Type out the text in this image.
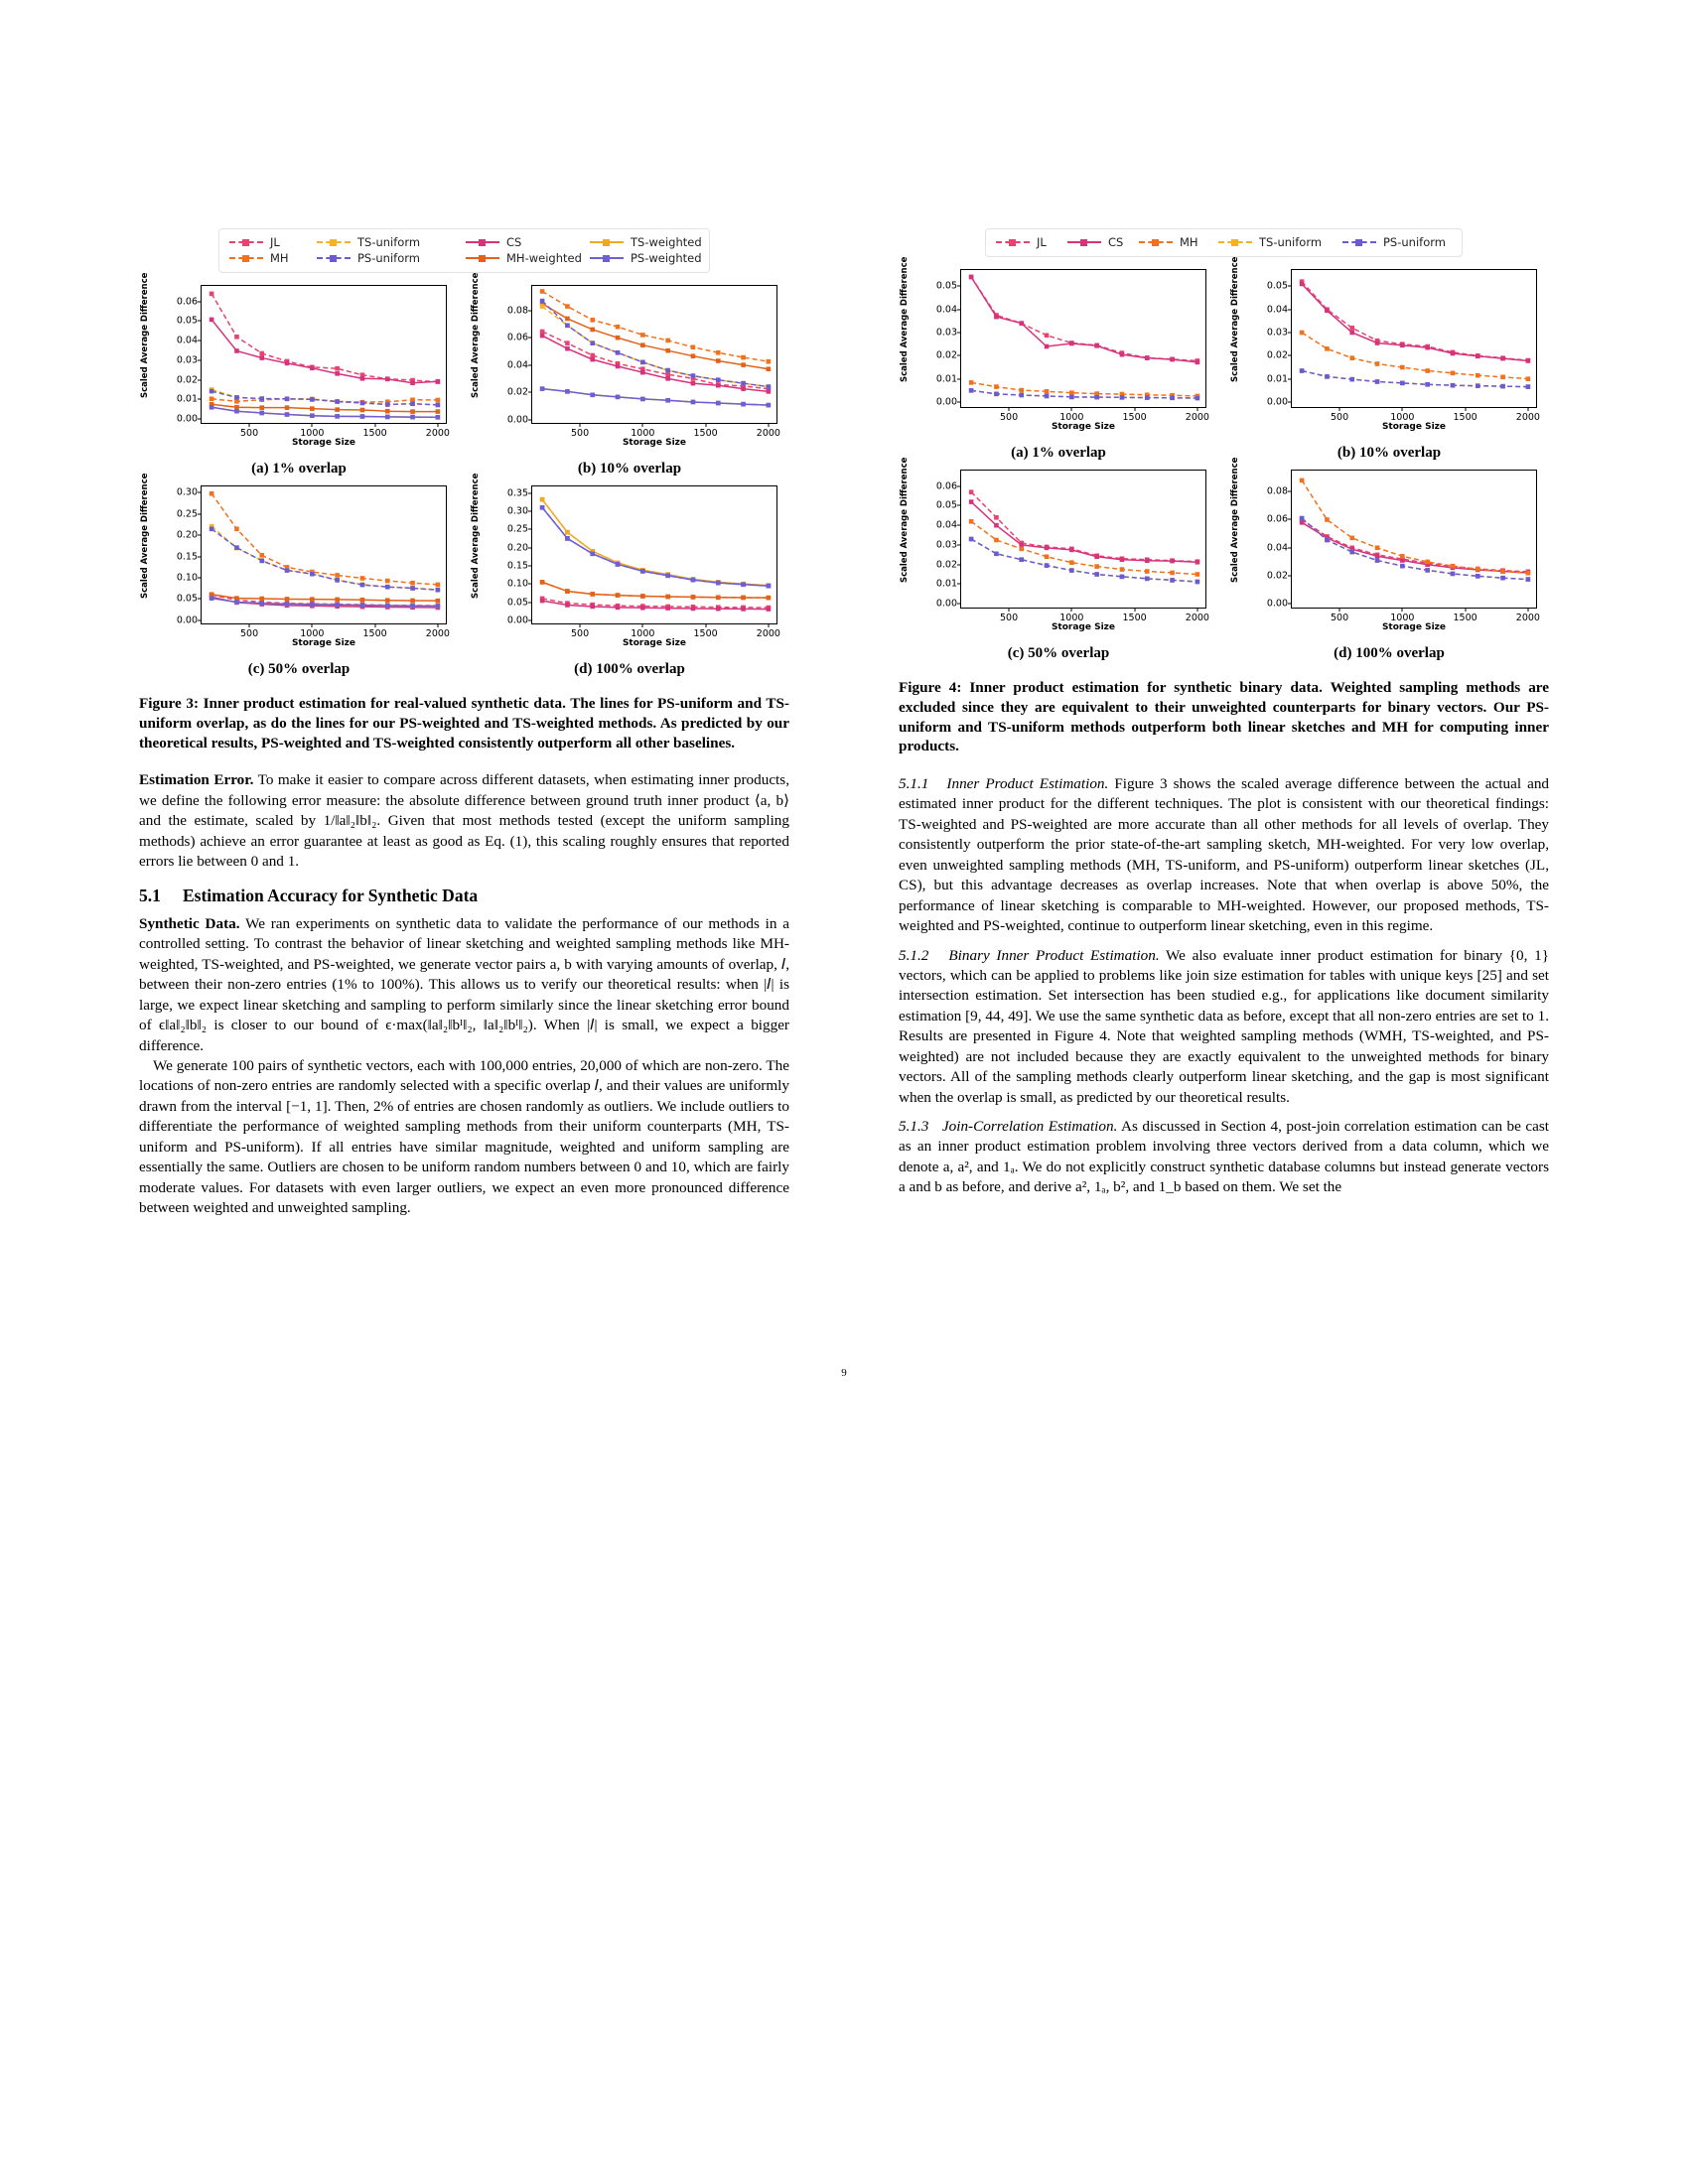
JL	TS-uniform	CS	TS-weighted
MH	PS-uniform	MH-weighted	PS-weighted
Scaled Average Difference
0.00
0.01
0.02
0.03
0.04
0.05
0.06
500	1000	1500	2000
Storage Size
(a) 1% overlap
Scaled Average Difference
0.00
0.02
0.04
0.06
0.08
500	1000	1500	2000
Storage Size
(b) 10% overlap
Scaled Average Difference
0.00
0.05
0.10
0.15
0.20
0.25
0.30
500	1000	1500	2000
Storage Size
(c) 50% overlap
Scaled Average Difference
0.00
0.05
0.10
0.15
0.20
0.25
0.30
0.35
500	1000	1500	2000
Storage Size
(d) 100% overlap
Figure 3: Inner product estimation for real-valued synthetic data. The lines for PS-uniform and TS-uniform overlap, as do the lines for our PS-weighted and TS-weighted methods. As predicted by our theoretical results, PS-weighted and TS-weighted consistently outperform all other baselines.

Estimation Error. To make it easier to compare across different datasets, when estimating inner products, we define the following error measure: the absolute difference between ground truth inner product ⟨a, b⟩ and the estimate, scaled by 1/‖a‖₂‖b‖₂. Given that most methods tested (except the uniform sampling methods) achieve an error guarantee at least as good as Eq. (1), this scaling roughly ensures that reported errors lie between 0 and 1.

5.1 Estimation Accuracy for Synthetic Data

Synthetic Data. We ran experiments on synthetic data to validate the performance of our methods in a controlled setting. To contrast the behavior of linear sketching and weighted sampling methods like MH-weighted, TS-weighted, and PS-weighted, we generate vector pairs a, b with varying amounts of overlap, 𝐼, between their non-zero entries (1% to 100%). This allows us to verify our theoretical results: when |𝐼| is large, we expect linear sketching and sampling to perform similarly since the linear sketching error bound of ϵ‖a‖₂‖b‖₂ is closer to our bound of ϵ·max(‖a‖₂‖bᴵ‖₂, ‖a‖₂‖bᴵ‖₂). When |𝐼| is small, we expect a bigger difference.

We generate 100 pairs of synthetic vectors, each with 100,000 entries, 20,000 of which are non-zero. The locations of non-zero entries are randomly selected with a specific overlap 𝐼, and their values are uniformly drawn from the interval [−1, 1]. Then, 2% of entries are chosen randomly as outliers. We include outliers to differentiate the performance of weighted sampling methods from their uniform counterparts (MH, TS-uniform and PS-uniform). If all entries have similar magnitude, weighted and uniform sampling are essentially the same. Outliers are chosen to be uniform random numbers between 0 and 10, which are fairly moderate values. For datasets with even larger outliers, we expect an even more pronounced difference between weighted and unweighted sampling.

JL	CS	MH	TS-uniform	PS-uniform
Scaled Average Difference
0.00
0.01
0.02
0.03
0.04
0.05
500	1000	1500	2000
Storage Size
(a) 1% overlap
Scaled Average Difference
0.00
0.01
0.02
0.03
0.04
0.05
500	1000	1500	2000
Storage Size
(b) 10% overlap
Scaled Average Difference
0.00
0.01
0.02
0.03
0.04
0.05
0.06
500	1000	1500	2000
Storage Size
(c) 50% overlap
Scaled Average Difference
0.00
0.02
0.04
0.06
0.08
500	1000	1500	2000
Storage Size
(d) 100% overlap
Figure 4: Inner product estimation for synthetic binary data. Weighted sampling methods are excluded since they are equivalent to their unweighted counterparts for binary vectors. Our PS-uniform and TS-uniform methods outperform both linear sketches and MH for computing inner products.

5.1.1 Inner Product Estimation. Figure 3 shows the scaled average difference between the actual and estimated inner product for the different techniques. The plot is consistent with our theoretical findings: TS-weighted and PS-weighted are more accurate than all other methods for all levels of overlap. They consistently outperform the prior state-of-the-art sampling sketch, MH-weighted. For very low overlap, even unweighted sampling methods (MH, TS-uniform, and PS-uniform) outperform linear sketches (JL, CS), but this advantage decreases as overlap increases. Note that when overlap is above 50%, the performance of linear sketching is comparable to MH-weighted. However, our proposed methods, TS-weighted and PS-weighted, continue to outperform linear sketching, even in this regime.

5.1.2 Binary Inner Product Estimation. We also evaluate inner product estimation for binary {0, 1} vectors, which can be applied to problems like join size estimation for tables with unique keys [25] and set intersection estimation. Set intersection has been studied e.g., for applications like document similarity estimation [9, 44, 49]. We use the same synthetic data as before, except that all non-zero entries are set to 1. Results are presented in Figure 4. Note that weighted sampling methods (WMH, TS-weighted, and PS-weighted) are not included because they are exactly equivalent to the unweighted methods for binary vectors. All of the sampling methods clearly outperform linear sketching, and the gap is most significant when the overlap is small, as predicted by our theoretical results.

5.1.3 Join-Correlation Estimation. As discussed in Section 4, post-join correlation estimation can be cast as an inner product estimation problem involving three vectors derived from a data column, which we denote a, a², and 1ₐ. We do not explicitly construct synthetic database columns but instead generate vectors a and b as before, and derive a², 1ₐ, b², and 1_b based on them. We set the

9
